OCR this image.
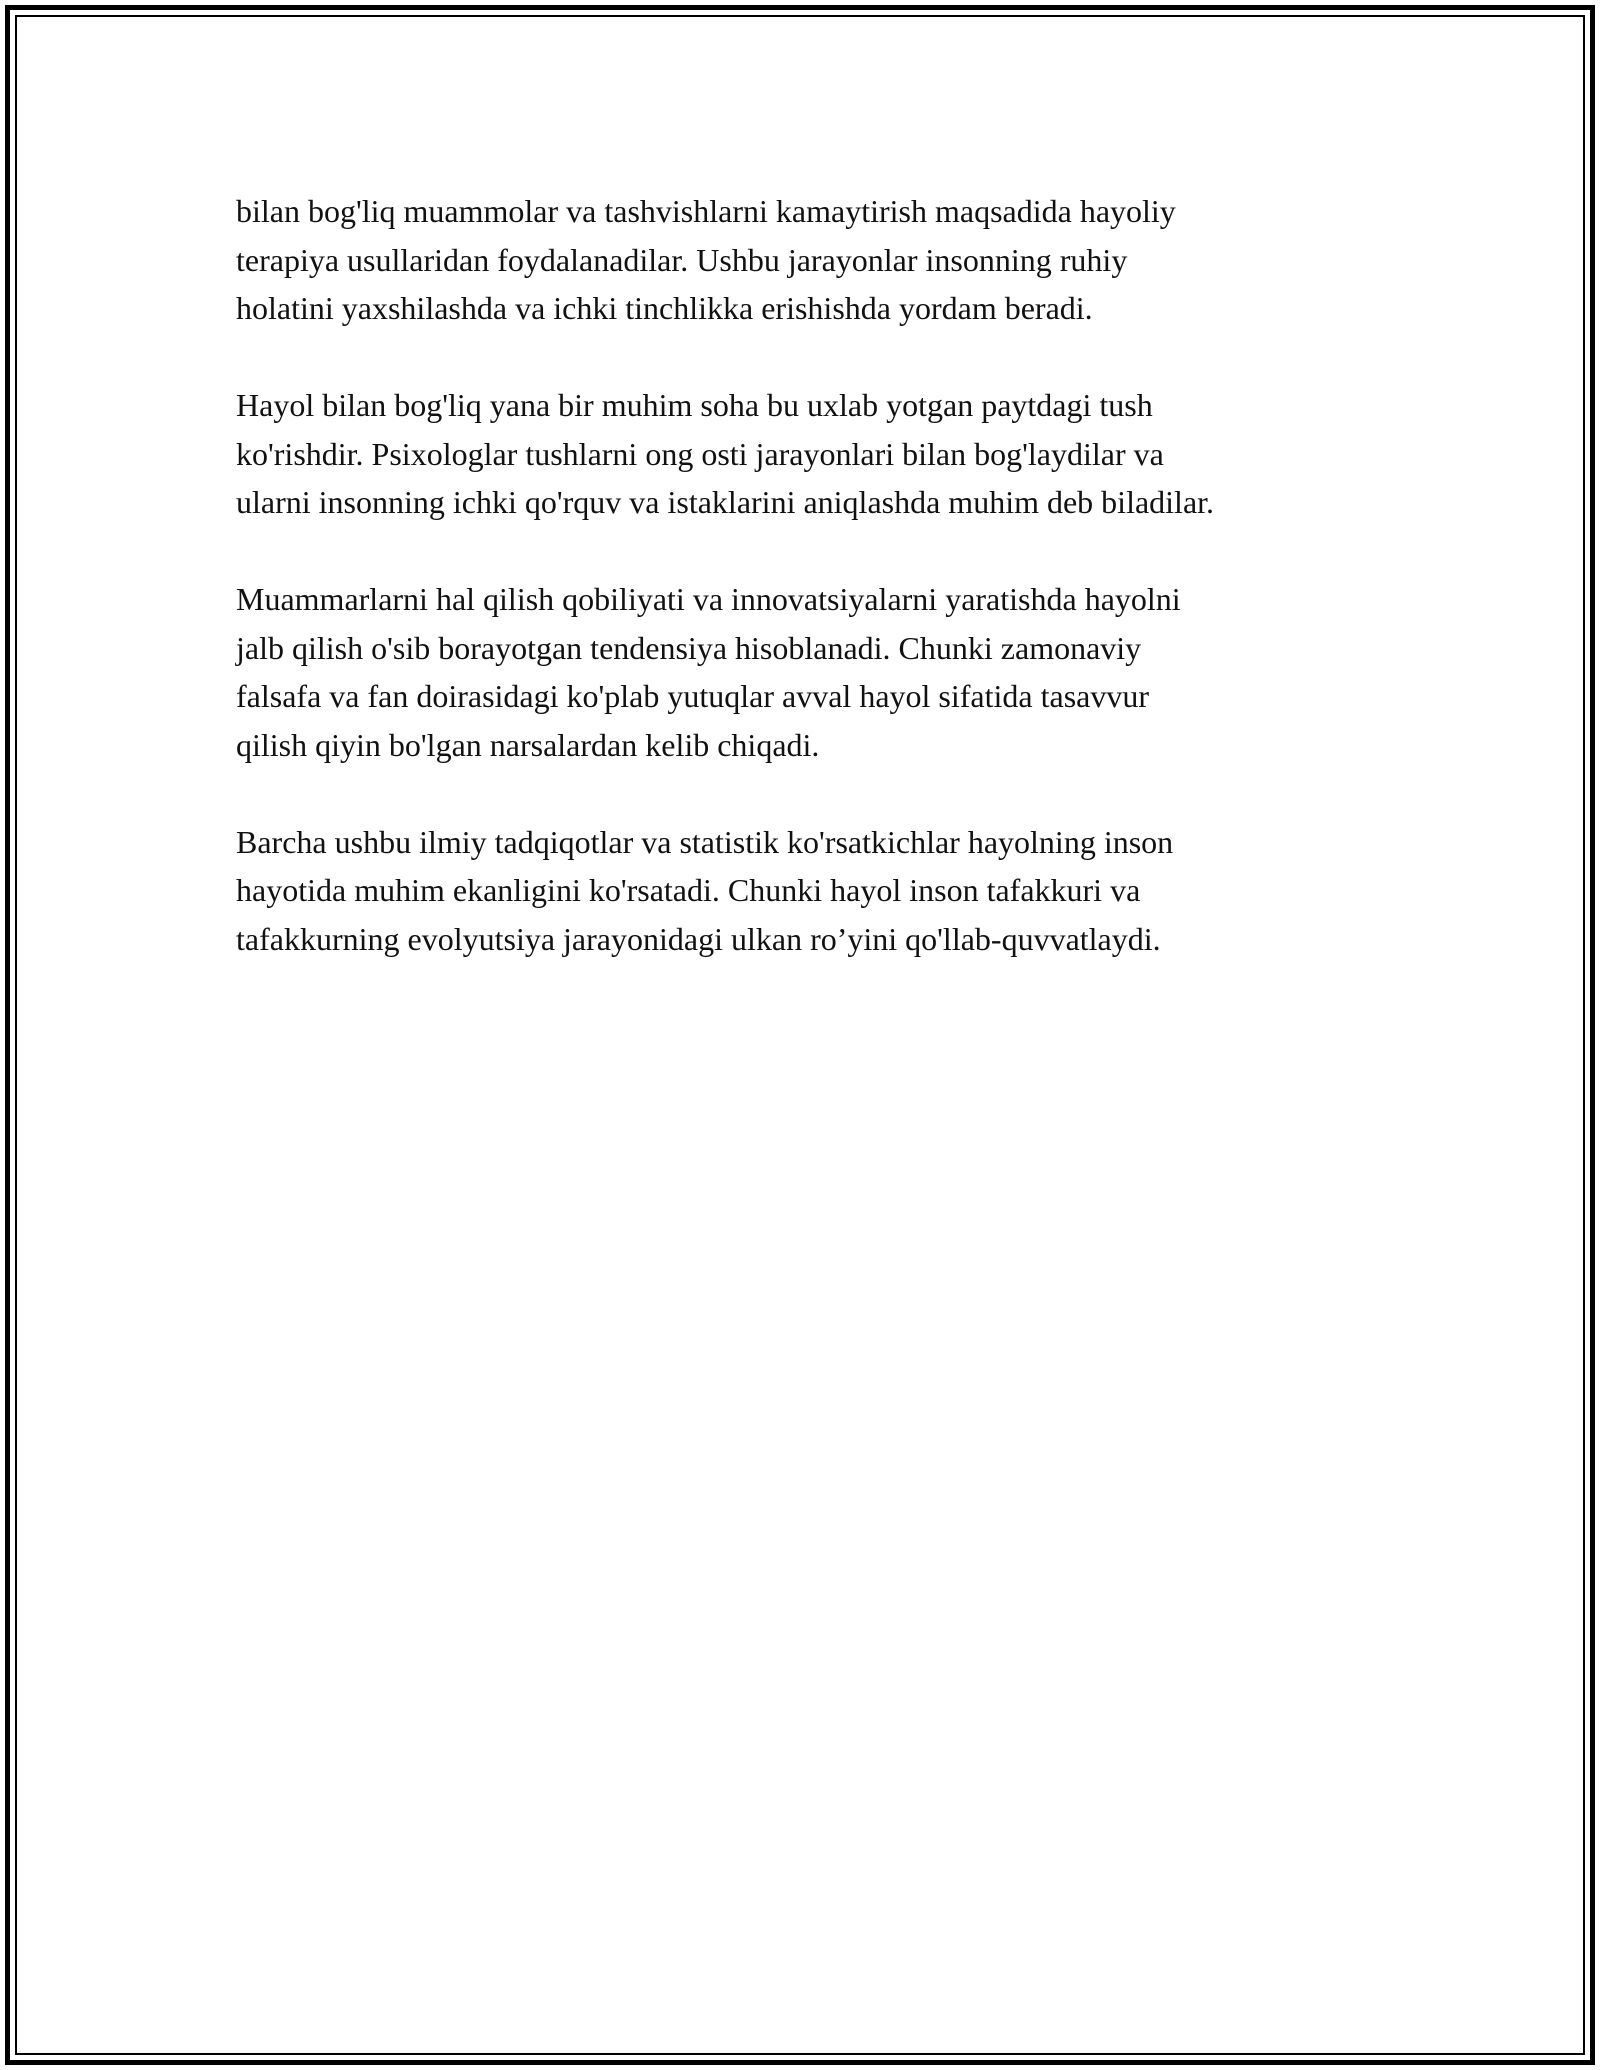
bilan bog'liq muammolar va tashvishlarni kamaytirish maqsadida hayoliy
terapiya usullaridan foydalanadilar. Ushbu jarayonlar insonning ruhiy
holatini yaxshilashda va ichki tinchlikka erishishda yordam beradi.

Hayol bilan bog'liq yana bir muhim soha bu uxlab yotgan paytdagi tush
ko'rishdir. Psixologlar tushlarni ong osti jarayonlari bilan bog'laydilar va
ularni insonning ichki qo'rquv va istaklarini aniqlashda muhim deb biladilar.

Muammarlarni hal qilish qobiliyati va innovatsiyalarni yaratishda hayolni
jalb qilish o'sib borayotgan tendensiya hisoblanadi. Chunki zamonaviy
falsafa va fan doirasidagi ko'plab yutuqlar avval hayol sifatida tasavvur
qilish qiyin bo'lgan narsalardan kelib chiqadi.

Barcha ushbu ilmiy tadqiqotlar va statistik ko'rsatkichlar hayolning inson
hayotida muhim ekanligini ko'rsatadi. Chunki hayol inson tafakkuri va
tafakkurning evolyutsiya jarayonidagi ulkan ro’yini qo'llab-quvvatlaydi.
